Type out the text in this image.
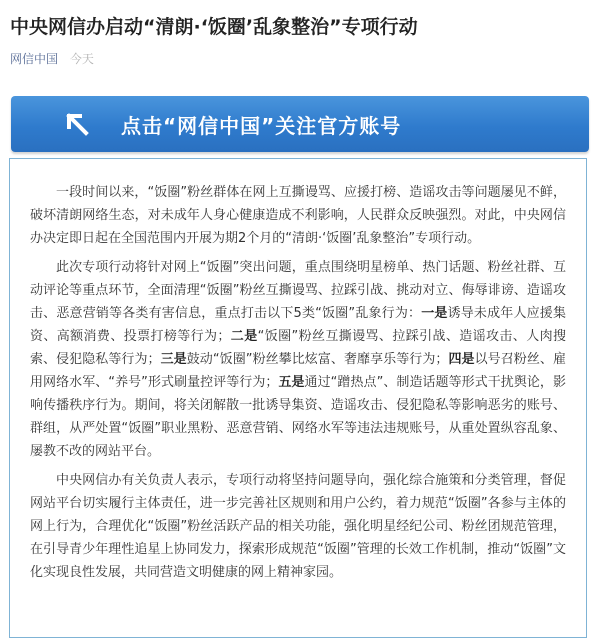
中央网信办启动“清朗·‘饭圈’乱象整治”专项行动
网信中国 今天
点击“网信中国”关注官方账号

一段时间以来，“饭圈”粉丝群体在网上互撕谩骂、应援打榜、造谣攻击等问题屡见不鲜，破坏清朗网络生态，对未成年人身心健康造成不利影响，人民群众反映强烈。对此，中央网信办决定即日起在全国范围内开展为期2个月的“清朗·‘饭圈’乱象整治”专项行动。

此次专项行动将针对网上“饭圈”突出问题，重点围绕明星榜单、热门话题、粉丝社群、互动评论等重点环节，全面清理“饭圈”粉丝互撕谩骂、拉踩引战、挑动对立、侮辱诽谤、造谣攻击、恶意营销等各类有害信息，重点打击以下5类“饭圈”乱象行为：一是诱导未成年人应援集资、高额消费、投票打榜等行为；二是“饭圈”粉丝互撕谩骂、拉踩引战、造谣攻击、人肉搜索、侵犯隐私等行为；三是鼓动“饭圈”粉丝攀比炫富、奢靡享乐等行为；四是以号召粉丝、雇用网络水军、“养号”形式刷量控评等行为；五是通过“蹭热点”、制造话题等形式干扰舆论，影响传播秩序行为。期间，将关闭解散一批诱导集资、造谣攻击、侵犯隐私等影响恶劣的账号、群组，从严处置“饭圈”职业黑粉、恶意营销、网络水军等违法违规账号，从重处置纵容乱象、屡教不改的网站平台。

中央网信办有关负责人表示，专项行动将坚持问题导向，强化综合施策和分类管理，督促网站平台切实履行主体责任，进一步完善社区规则和用户公约，着力规范“饭圈”各参与主体的网上行为，合理优化“饭圈”粉丝活跃产品的相关功能，强化明星经纪公司、粉丝团规范管理，在引导青少年理性追星上协同发力，探索形成规范“饭圈”管理的长效工作机制，推动“饭圈”文化实现良性发展，共同营造文明健康的网上精神家园。
